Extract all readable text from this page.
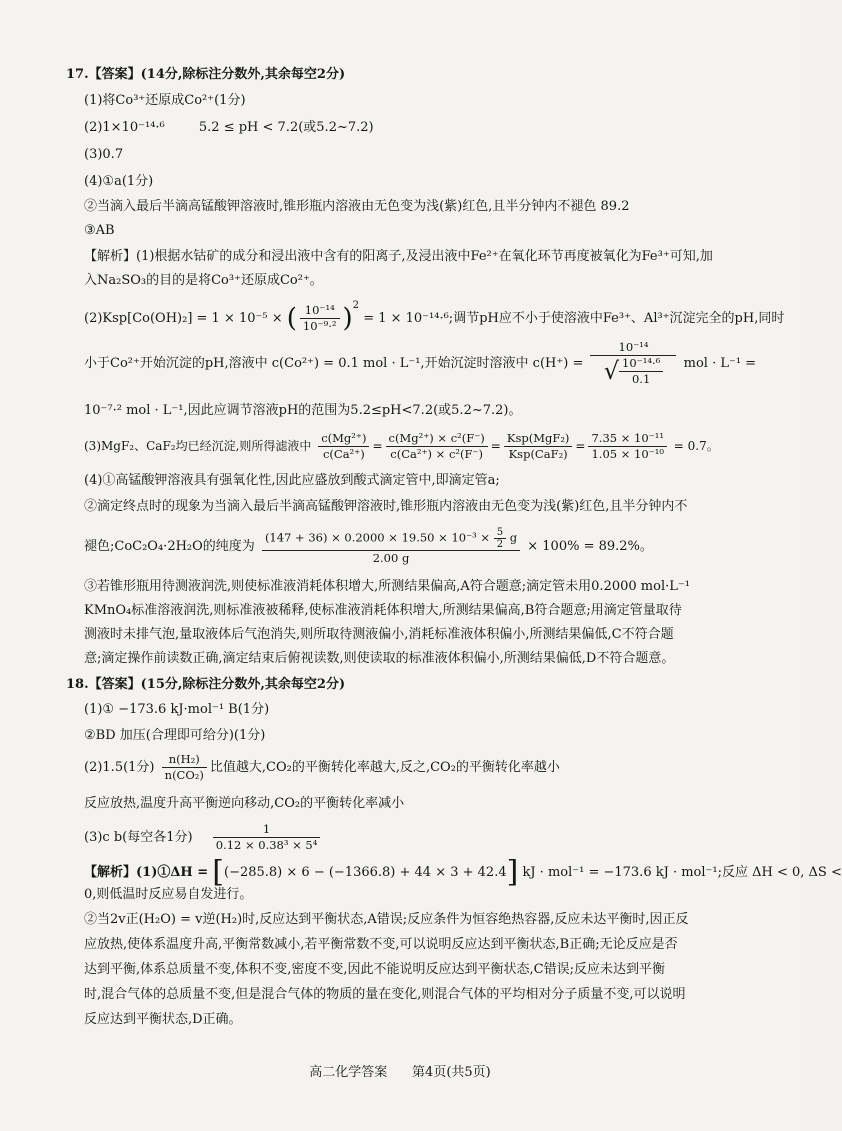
17.【答案】(14分,除标注分数外,其余每空2分)
(1)将Co³⁺还原成Co²⁺(1分)
(2)1×10⁻¹⁴·⁶	5.2 ≤ pH < 7.2(或5.2~7.2)
(3)0.7
(4)①a(1分)
②当滴入最后半滴高锰酸钾溶液时,锥形瓶内溶液由无色变为浅(紫)红色,且半分钟内不褪色 89.2
③AB
【解析】(1)根据水钴矿的成分和浸出液中含有的阳离子,及浸出液中Fe²⁺在氧化环节再度被氧化为Fe³⁺可知,加
入Na₂SO₃的目的是将Co³⁺还原成Co²⁺。
(2)Ksp[Co(OH)₂] = 1 × 10⁻⁵ × ( $\frac{\text{10⁻¹⁴}}{\text{10⁻⁹·²}} )^2 = 1 \times 10^{-14}\cdot^6$;调节pH应不小于使溶液中Fe³⁺、Al³⁺沉淀完全的pH,同时
小于Co²⁺开始沉淀的pH,溶液中 c(Co²⁺) = 0.1 mol · L⁻¹,开始沉淀时溶液中 $c(H^+) = \frac{\text{10⁻¹⁴}}{√ \frac{\text{10⁻¹⁴·⁶}}{0.1}}$ mol · L⁻¹ =
10⁻⁷·² mol · L⁻¹,因此应调节溶液pH的范围为5.2≤pH<7.2(或5.2~7.2)。
(3)MgF₂、CaF₂均已经沉淀,则所得滤液中 $\frac{\text{c(Mg²⁺)}}{\text{c(Ca²⁺)}} = \frac{\text{c(Mg²⁺) × c²(F⁻)}}{\text{c(Ca²⁺) × c²(F⁻)}} = \frac{\text{Ksp(MgF₂)}}{\text{Ksp(CaF₂)}} = \frac{\text{7.35 × 10⁻¹¹}}{\text{1.05 × 10⁻¹⁰}} = 0.7$。
(4)①高锰酸钾溶液具有强氧化性,因此应盛放到酸式滴定管中,即滴定管a;
②滴定终点时的现象为当滴入最后半滴高锰酸钾溶液时,锥形瓶内溶液由无色变为浅(紫)红色,且半分钟内不
褪色;CoC₂O₄·2H₂O的纯度为 $\frac{(147 + 36) \times 0.2000 \times 19.50 \times 10^{-3} \times \frac{5}{2} g}{2.00 g} \times 100\% = 89.2\%$。
③若锥形瓶用待测液润洗,则使标准液消耗体积增大,所测结果偏高,A符合题意;滴定管未用0.2000 mol·L⁻¹
KMnO₄标准溶液润洗,则标准液被稀释,使标准液消耗体积增大,所测结果偏高,B符合题意;用滴定管量取待
测液时未排气泡,量取液体后气泡消失,则所取待测液偏小,消耗标准液体积偏小,所测结果偏低,C不符合题
意;滴定操作前读数正确,滴定结束后俯视读数,则使读取的标准液体积偏小,所测结果偏低,D不符合题意。
18.【答案】(15分,除标注分数外,其余每空2分)
(1)① −173.6 kJ·mol⁻¹ B(1分)
②BD 加压(合理即可给分)(1分)
(2)1.5(1分) $\frac{\text{n(H₂)}}{\text{n(CO₂)}}$ 比值越大,CO₂的平衡转化率越大,反之,CO₂的平衡转化率越小
反应放热,温度升高平衡逆向移动,CO₂的平衡转化率减小
(3)c b(每空各1分) $\frac{1}{\text{0.12 × 0.38³ × 5⁴}}$
【解析】(1)①ΔH = [(−285.8) × 6 − (−1366.8) + 44 × 3 + 42.4] kJ · mol⁻¹ = −173.6 kJ · mol⁻¹;反应 ΔH < 0, ΔS <
0,则低温时反应易自发进行。
②当2v正(H₂O) = v逆(H₂)时,反应达到平衡状态,A错误;反应条件为恒容绝热容器,反应未达平衡时,因正反
应放热,使体系温度升高,平衡常数减小,若平衡常数不变,可以说明反应达到平衡状态,B正确;无论反应是否
达到平衡,体系总质量不变,体积不变,密度不变,因此不能说明反应达到平衡状态,C错误;反应未达到平衡
时,混合气体的总质量不变,但是混合气体的物质的量在变化,则混合气体的平均相对分子质量不变,可以说明
反应达到平衡状态,D正确。
高二化学答案      第4页(共5页)
